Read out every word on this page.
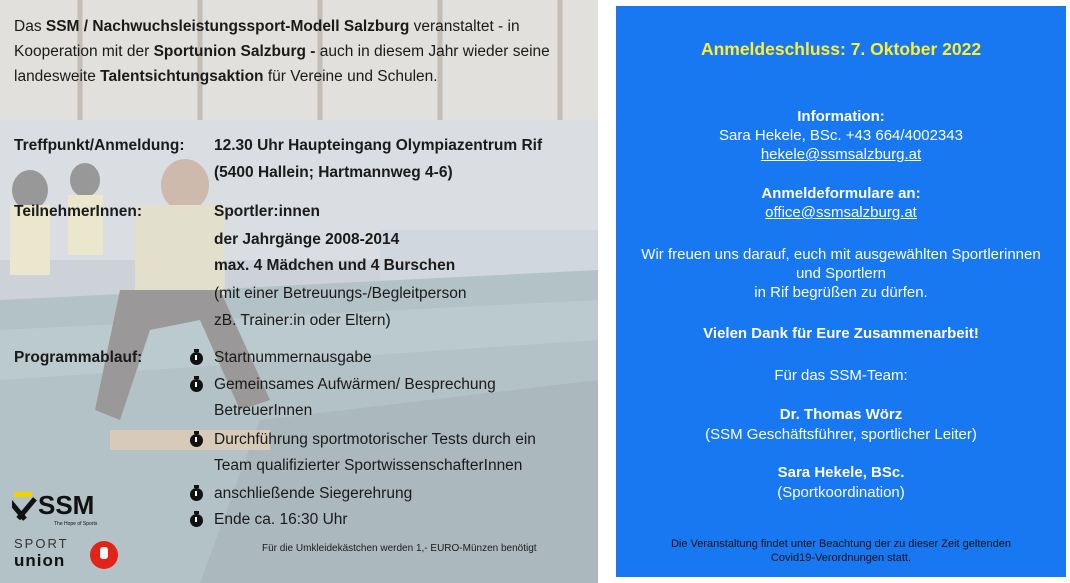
Das SSM / Nachwuchsleistungssport-Modell Salzburg veranstaltet - in Kooperation mit der Sportunion Salzburg - auch in diesem Jahr wieder seine landesweite Talentsichtungsaktion für Vereine und Schulen.
Treffpunkt/Anmeldung: 12.30 Uhr Haupteingang Olympiazentrum Rif
(5400 Hallein; Hartmannweg 4-6)
TeilnehmerInnen:	Sportler:innen
der Jahrgänge 2008-2014
max. 4 Mädchen und 4 Burschen
(mit einer Betreuungs-/Begleitperson
zB. Trainer:in oder Eltern)
Programmablauf:	Startnummernausgabe
Gemeinsames Aufwärmen/ Besprechung
BetreuerInnen
Durchführung sportmotorischer Tests durch ein
Team qualifizierter SportwissenschafterInnen
anschließende Siegerehrung
Ende ca. 16:30 Uhr
SSM
The Hope of Sports
SPORT
union
Für die Umkleidekästchen werden 1,- EURO-Münzen benötigt
Anmeldeschluss: 7. Oktober 2022
Information:
Sara Hekele, BSc. +43 664/4002343
hekele@ssmsalzburg.at
Anmeldeformulare an:
office@ssmsalzburg.at
Wir freuen uns darauf, euch mit ausgewählten Sportlerinnen
und Sportlern
in Rif begrüßen zu dürfen.
Vielen Dank für Eure Zusammenarbeit!
Für das SSM-Team:
Dr. Thomas Wörz
(SSM Geschäftsführer, sportlicher Leiter)
Sara Hekele, BSc.
(Sportkoordination)
Die Veranstaltung findet unter Beachtung der zu dieser Zeit geltenden
Covid19-Verordnungen statt.
